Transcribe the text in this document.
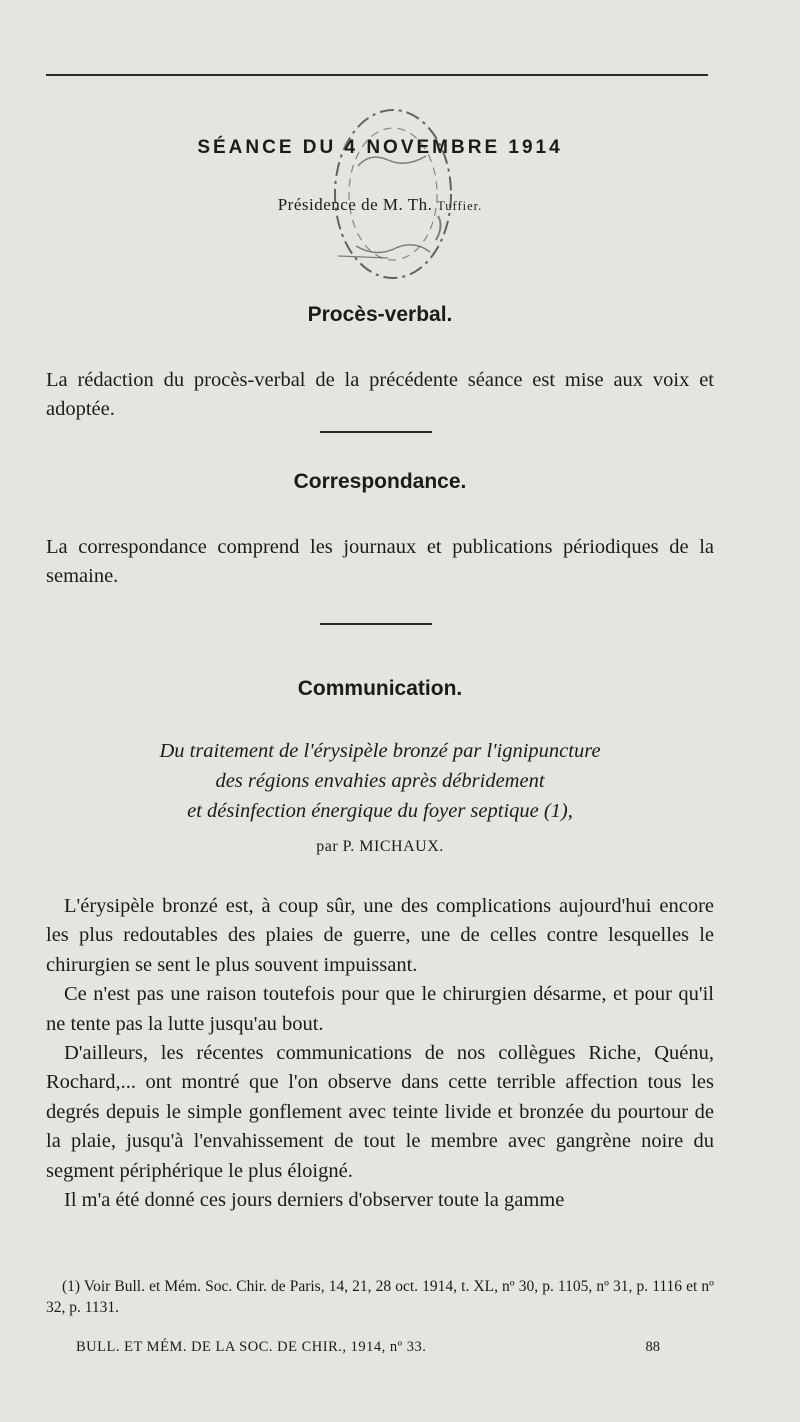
SÉANCE DU 4 NOVEMBRE 1914
Présidence de M. Th. Tuffier.
Procès-verbal.
La rédaction du procès-verbal de la précédente séance est mise aux voix et adoptée.
Correspondance.
La correspondance comprend les journaux et publications périodiques de la semaine.
Communication.
Du traitement de l'érysipèle bronzé par l'ignipuncture
des régions envahies après débridement
et désinfection énergique du foyer septique (1),
par P. MICHAUX.

L'érysipèle bronzé est, à coup sûr, une des complications aujourd'hui encore les plus redoutables des plaies de guerre, une de celles contre lesquelles le chirurgien se sent le plus souvent impuissant.

Ce n'est pas une raison toutefois pour que le chirurgien désarme, et pour qu'il ne tente pas la lutte jusqu'au bout.

D'ailleurs, les récentes communications de nos collègues Riche, Quénu, Rochard,... ont montré que l'on observe dans cette terrible affection tous les degrés depuis le simple gonflement avec teinte livide et bronzée du pourtour de la plaie, jusqu'à l'envahissement de tout le membre avec gangrène noire du segment périphérique le plus éloigné.

Il m'a été donné ces jours derniers d'observer toute la gamme

(1) Voir Bull. et Mém. Soc. Chir. de Paris, 14, 21, 28 oct. 1914, t. XL, nº 30, p. 1105, nº 31, p. 1116 et nº 32, p. 1131.
BULL. ET MÉM. DE LA SOC. DE CHIR., 1914, nº 33.	88
